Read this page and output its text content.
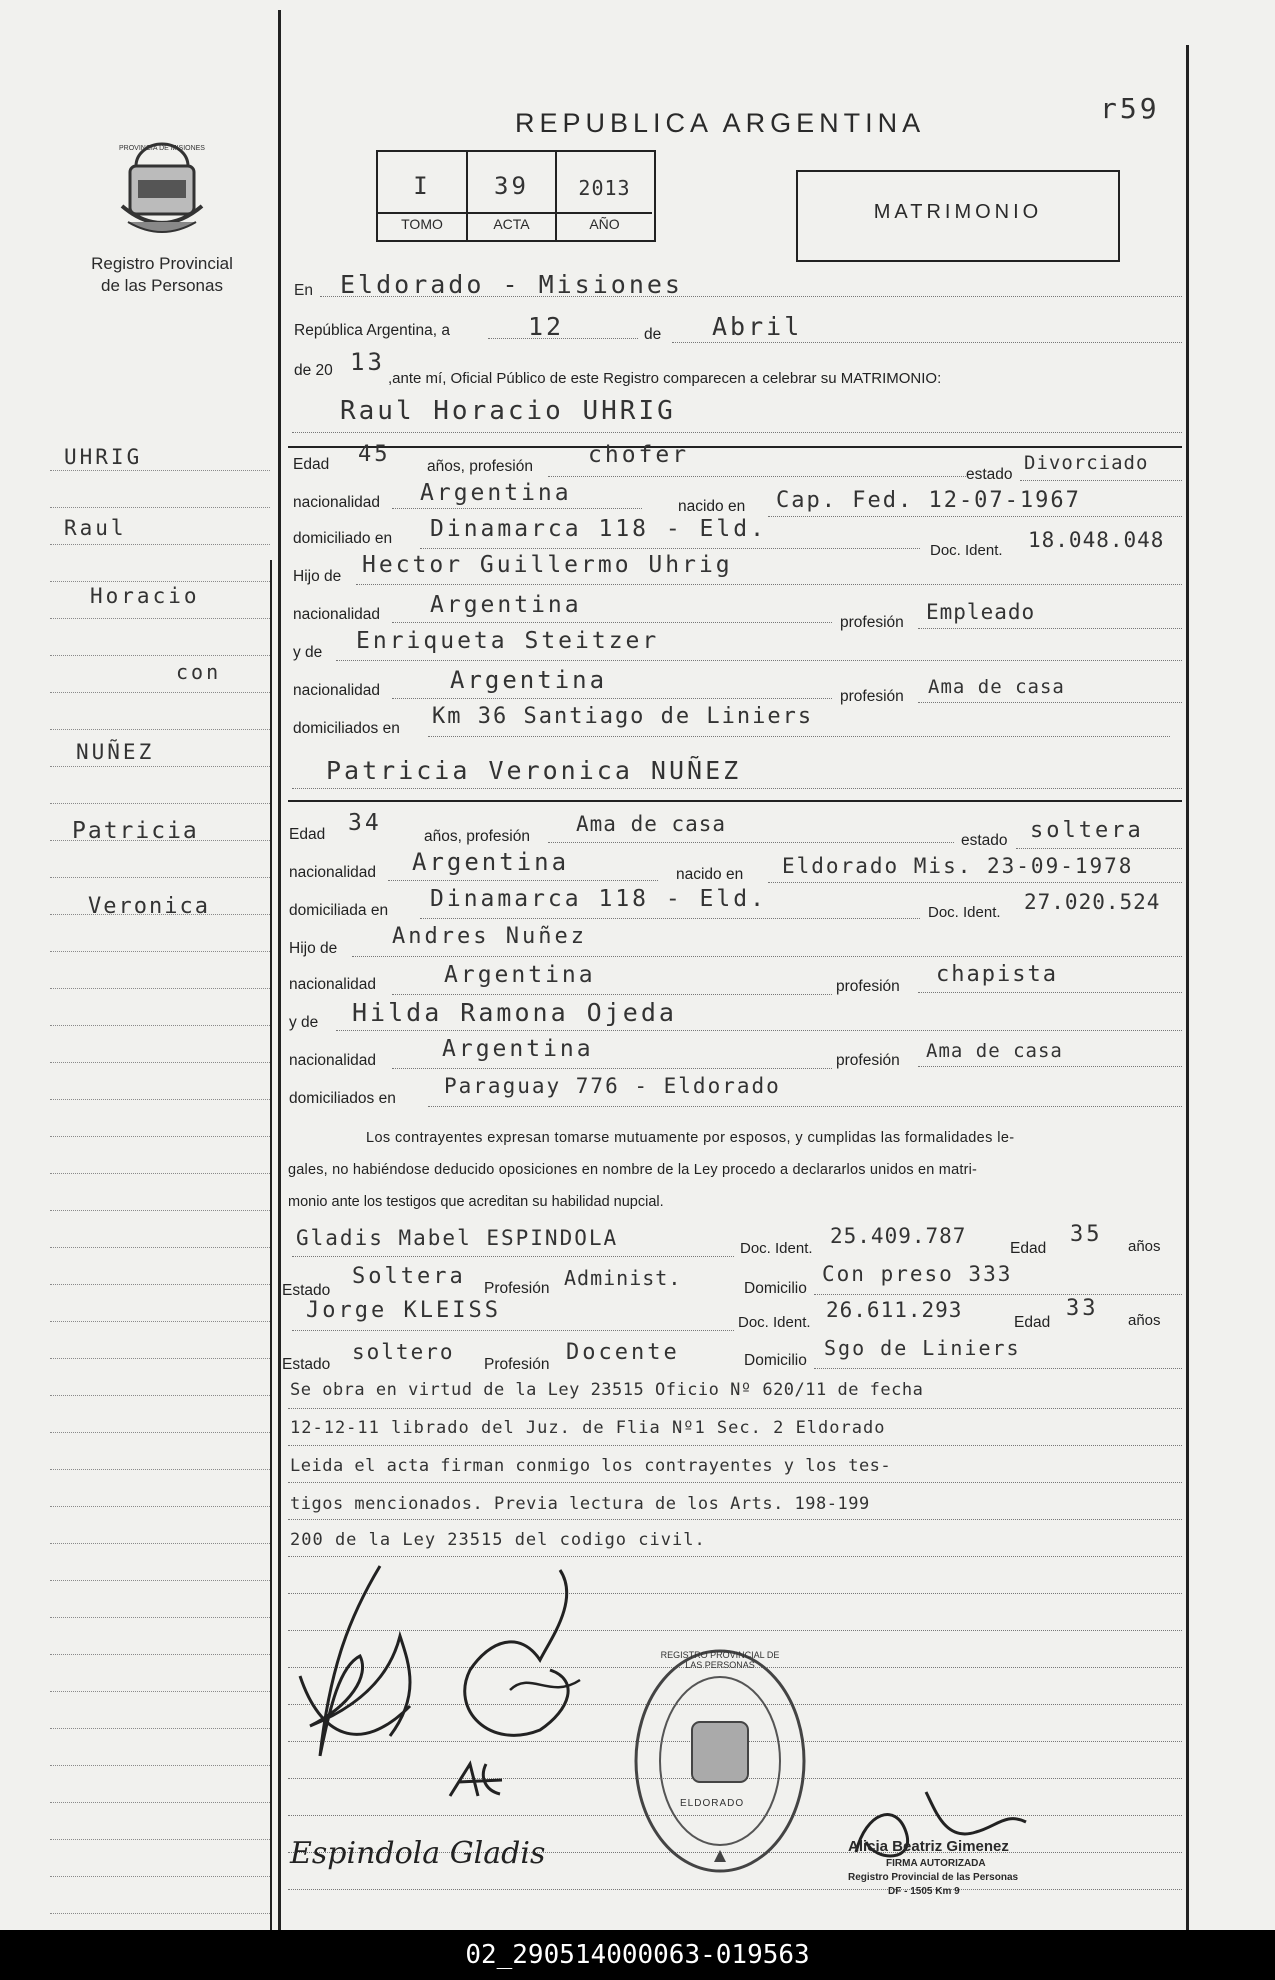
PROVINCIA DE MISIONES
Registro Provincial
de las Personas
REPUBLICA ARGENTINA	r59
I	39	2013
TOMO	ACTA	AÑO
MATRIMONIO
En Eldorado - Misiones
República Argentina, a	12	de Abril
de 20 13
,ante mí, Oficial Público de este Registro comparecen a celebrar su MATRIMONIO:
Raul Horacio UHRIG
UHRIG
Raul
Horacio
con
NUÑEZ
Patricia
Veronica
Edad 45 años, profesión chofer
estado
Divorciado
nacionalidad Argentina
nacido en Cap. Fed. 12-07-1967
domiciliado en Dinamarca 118 - Eld.
Doc. Ident. 18.048.048
Hijo de Hector Guillermo Uhrig
nacionalidad Argentina
profesión Empleado
y de Enriqueta Steitzer
nacionalidad	Argentina
profesión Ama de casa
domiciliados en Km 36 Santiago de Liniers
Patricia Veronica NUÑEZ
Edad 34
años, profesión
Ama de casa
estado soltera
nacionalidad Argentina	nacido en Eldorado Mis. 23-09-1978
domiciliada en Dinamarca 118 - Eld.
Doc. Ident. 27.020.524
Hijo de Andres Nuñez
nacionalidad	Argentina	profesión chapista
y de Hilda Ramona Ojeda
nacionalidad	Argentina	profesión Ama de casa
domiciliados en
Paraguay 776 - Eldorado
Los contrayentes expresan tomarse mutuamente por esposos, y cumplidas las formalidades le-
gales, no habiéndose deducido oposiciones en nombre de la Ley procedo a declararlos unidos en matri-
monio ante los testigos que acreditan su habilidad nupcial.
Gladis Mabel ESPINDOLA	Doc. Ident.
25.409.787
Edad
35 años
Estado
Soltera Profesión Administ.	Domicilio
Con preso 333
Jorge KLEISS	Doc. Ident.
26.611.293
Edad
33 años
Estado
soltero
Profesión Docente	Domicilio
Sgo de Liniers
Se obra en virtud de la Ley 23515 Oficio Nº 620/11 de fecha
12-12-11 librado del Juz. de Flia Nº1 Sec. 2 Eldorado
Leida el acta firman conmigo los contrayentes y los tes-
tigos mencionados. Previa lectura de los Arts. 198-199
200 de la Ley 23515 del codigo civil.
Espindola Gladis
REGISTRO PROVINCIAL DE LAS PERSONAS
ELDORADO
Alicia Beatriz Gimenez
FIRMA AUTORIZADA
Registro Provincial de las Personas
DF - 1505 Km 9
02_290514000063-019563
